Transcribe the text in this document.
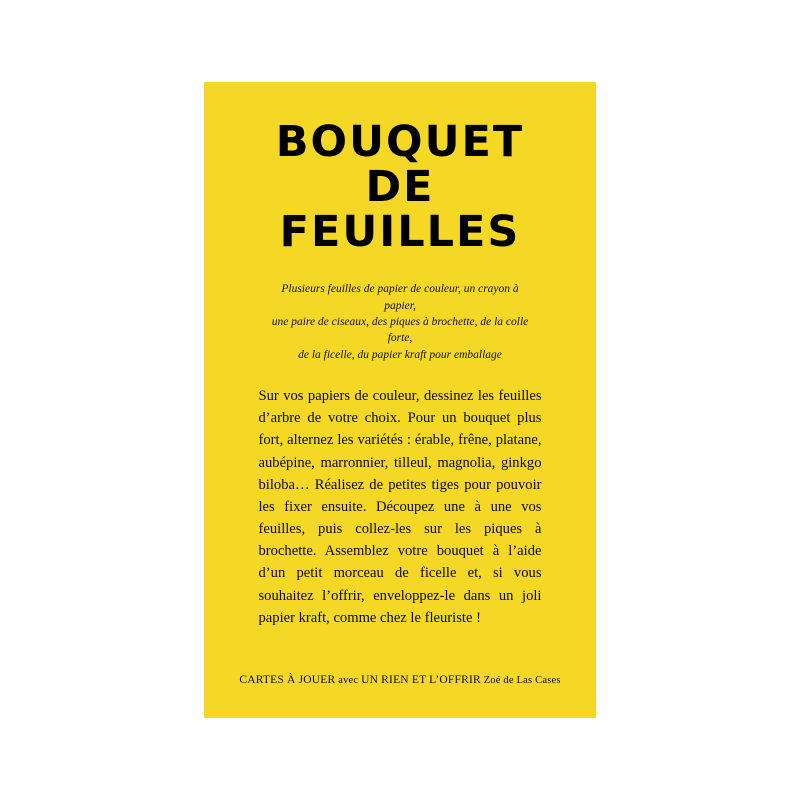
BOUQUET
DE
FEUILLES
Plusieurs feuilles de papier de couleur, un crayon à papier,
une paire de ciseaux, des piques à brochette, de la colle forte,
de la ficelle, du papier kraft pour emballage

Sur vos papiers de couleur, dessinez les feuilles d’arbre de votre choix. Pour un bouquet plus fort, alternez les variétés : érable, frêne, platane, aubépine, marronnier, tilleul, magnolia, ginkgo biloba… Réalisez de petites tiges pour pouvoir les fixer ensuite. Découpez une à une vos feuilles, puis collez-les sur les piques à brochette. Assemblez votre bouquet à l’aide d’un petit morceau de ficelle et, si vous souhaitez l’offrir, enveloppez-le dans un joli papier kraft, comme chez le fleuriste !

CARTES À JOUER avec UN RIEN ET L’OFFRIR Zoé de Las Cases
